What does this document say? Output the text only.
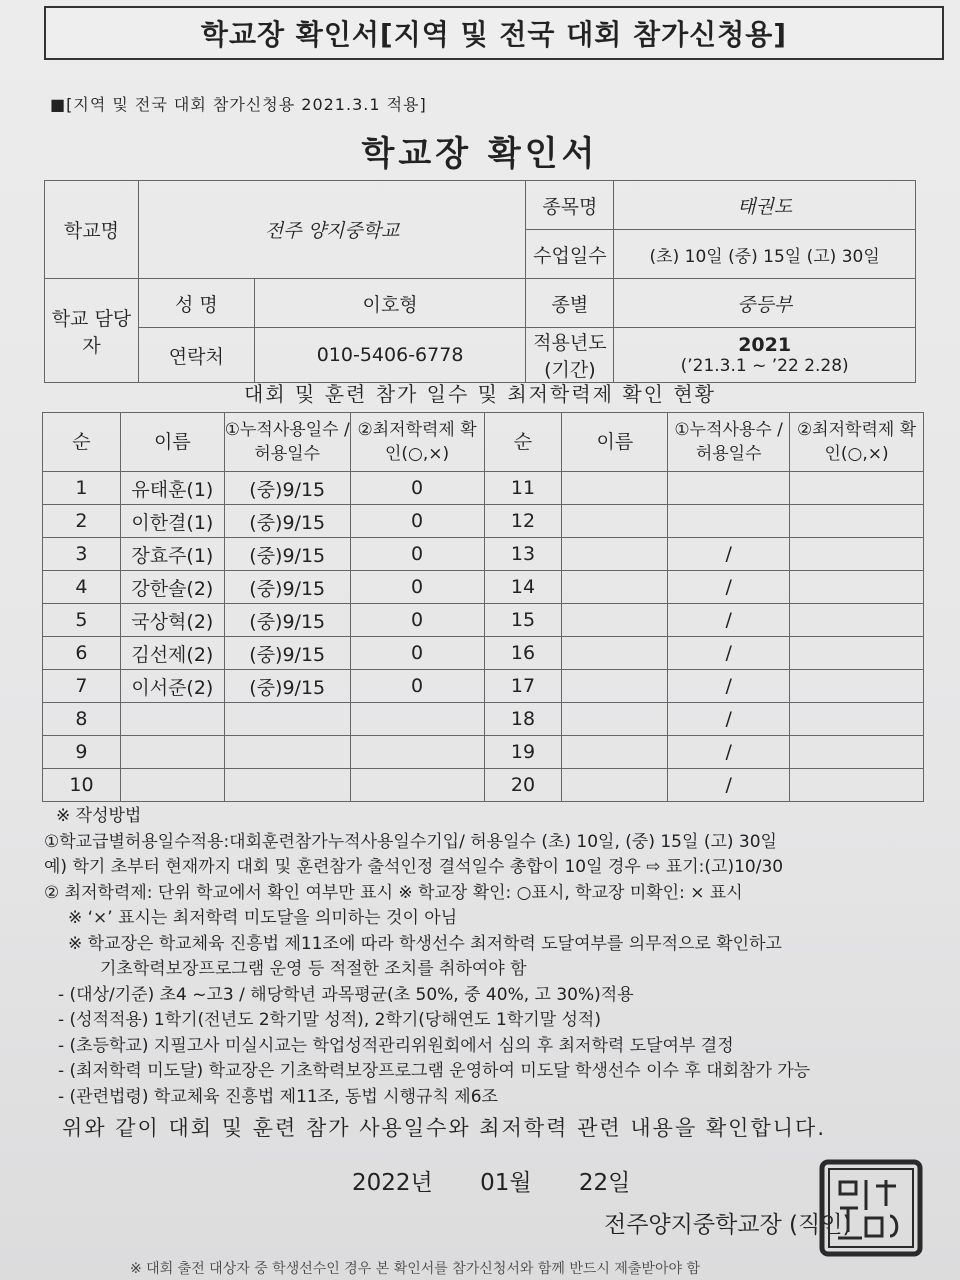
학교장 확인서[지역 및 전국 대회 참가신청용]
■[지역 및 전국 대회 참가신청용 2021.3.1 적용]
학교장 확인서
학교명	전주 양지중학교		종목명	태권도
			수업일수	(초) 10일 (중) 15일 (고) 30일
학교 담당자	성 명	이호형	종별	중등부
	연락처	010-5406-6778	적용년도 (기간)	2021
(’21.3.1 ~ ’22 2.28)
대회 및 훈련 참가 일수 및 최저학력제 확인 현황
순	이름	①누적사용일수 /허용일수	②최저학력제 확인(○,×)	순	이름	①누적사용수 /허용일수	②최저학력제 확인(○,×)
1	유태훈(1)	(중)9/15	0	11			
2	이한결(1)	(중)9/15	0	12			
3	장효주(1)	(중)9/15	0	13		/	
4	강한솔(2)	(중)9/15	0	14		/	
5	국상혁(2)	(중)9/15	0	15		/	
6	김선제(2)	(중)9/15	0	16		/	
7	이서준(2)	(중)9/15	0	17		/	
8				18		/	
9				19		/	
10				20		/	
※ 작성방법
①학교급별허용일수적용:대회훈련참가누적사용일수기입/ 허용일수 (초) 10일, (중) 15일 (고) 30일
예) 학기 초부터 현재까지 대회 및 훈련참가 출석인정 결석일수 총합이 10일 경우 ⇨ 표기:(고)10/30
② 최저학력제: 단위 학교에서 확인 여부만 표시 ※ 학교장 확인: ○표시, 학교장 미확인: × 표시
※ ‘×’ 표시는 최저학력 미도달을 의미하는 것이 아님
※ 학교장은 학교체육 진흥법 제11조에 따라 학생선수 최저학력 도달여부를 의무적으로 확인하고
기초학력보장프로그램 운영 등 적절한 조치를 취하여야 함
- (대상/기준) 초4 ~고3 / 해당학년 과목평균(초 50%, 중 40%, 고 30%)적용
- (성적적용) 1학기(전년도 2학기말 성적), 2학기(당해연도 1학기말 성적)
- (초등학교) 지필고사 미실시교는 학업성적관리위원회에서 심의 후 최저학력 도달여부 결정
- (최저학력 미도달) 학교장은 기초학력보장프로그램 운영하여 미도달 학생선수 이수 후 대회참가 가능
- (관련법령) 학교체육 진흥법 제11조, 동법 시행규칙 제6조
위와 같이 대회 및 훈련 참가 사용일수와 최저학력 관련 내용을 확인합니다.
2022년 01월 22일
전주양지중학교장 (직인)
※ 대회 출전 대상자 중 학생선수인 경우 본 확인서를 참가신청서와 함께 반드시 제출받아야 함
